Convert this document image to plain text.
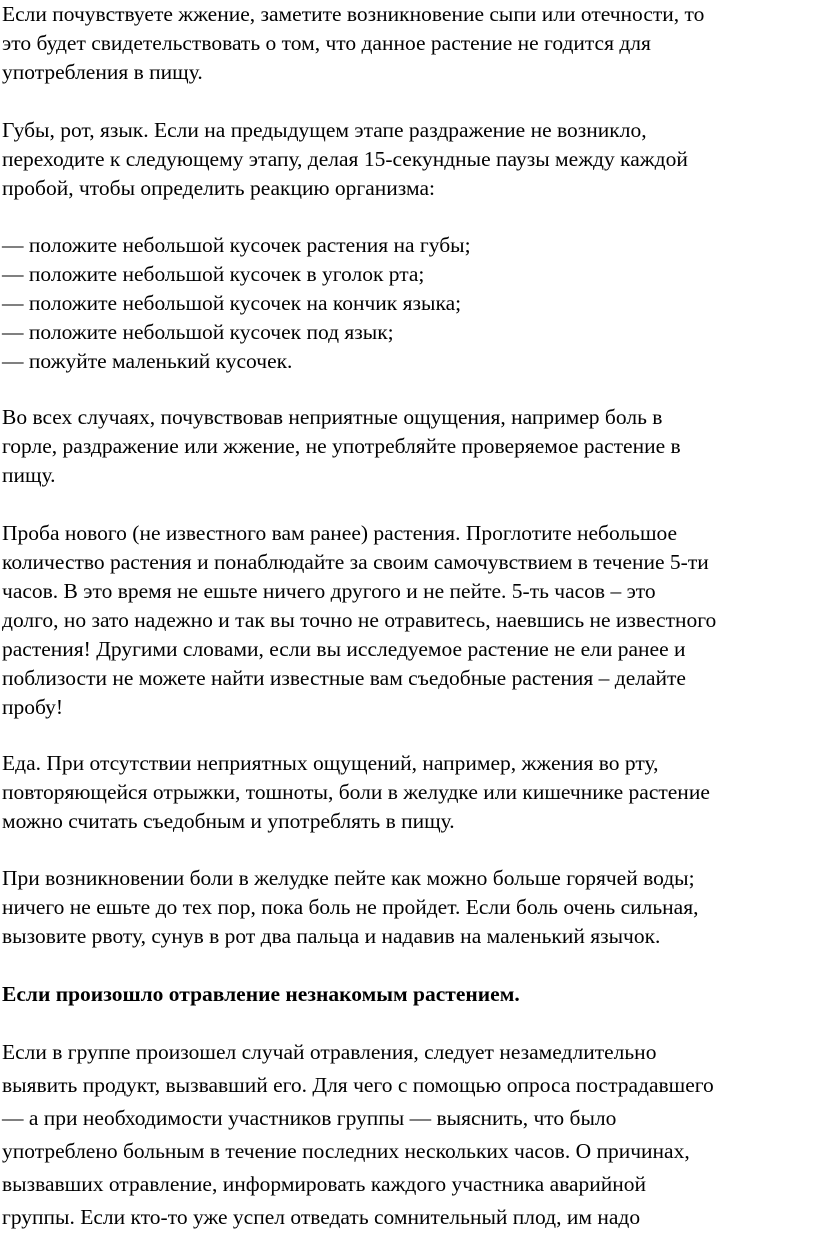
Если почувствуете жжение, заметите возникновение сыпи или отечности, то
это будет свидетельствовать о том, что данное растение не годится для
употребления в пищу.
Губы, рот, язык. Если на предыдущем этапе раздражение не возникло,
переходите к следующему этапу, делая 15-секундные паузы между каждой
пробой, чтобы определить реакцию организма:
— положите небольшой кусочек растения на губы;
— положите небольшой кусочек в уголок рта;
— положите небольшой кусочек на кончик языка;
— положите небольшой кусочек под язык;
— пожуйте маленький кусочек.
Во всех случаях, почувствовав неприятные ощущения, например боль в
горле, раздражение или жжение, не употребляйте проверяемое растение в
пищу.
Проба нового (не известного вам ранее) растения. Проглотите небольшое
количество растения и понаблюдайте за своим самочувствием в течение 5-ти
часов. В это время не ешьте ничего другого и не пейте. 5-ть часов – это
долго, но зато надежно и так вы точно не отравитесь, наевшись не известного
растения! Другими словами, если вы исследуемое растение не ели ранее и
поблизости не можете найти известные вам съедобные растения – делайте
пробу!
Еда. При отсутствии неприятных ощущений, например, жжения во рту,
повторяющейся отрыжки, тошноты, боли в желудке или кишечнике растение
можно считать съедобным и употреблять в пищу.
При возникновении боли в желудке пейте как можно больше горячей воды;
ничего не ешьте до тех пор, пока боль не пройдет. Если боль очень сильная,
вызовите рвоту, сунув в рот два пальца и надавив на маленький язычок.
Если произошло отравление незнакомым растением.
Если в группе произошел случай отравления, следует незамедлительно
выявить продукт, вызвавший его. Для чего с помощью опроса пострадавшего
— а при необходимости участников группы — выяснить, что было
употреблено больным в течение последних нескольких часов. О причинах,
вызвавших отравление, информировать каждого участника аварийной
группы. Если кто-то уже успел отведать сомнительный плод, им надо
